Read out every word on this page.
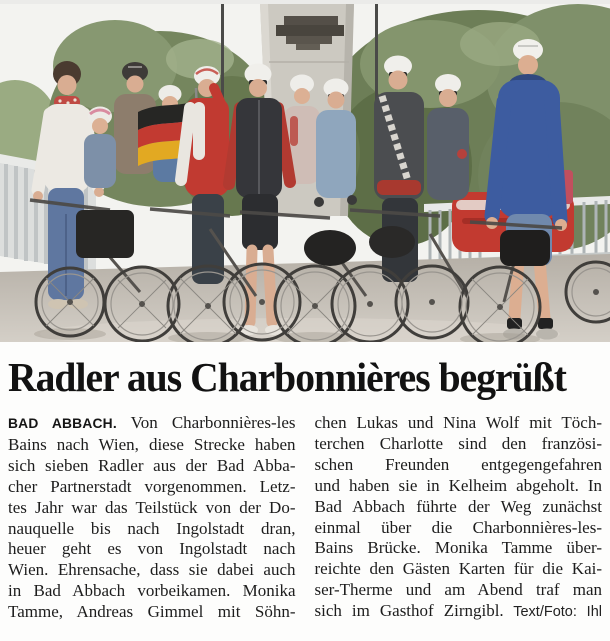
Radler aus Charbonnières begrüßt
BAD ABBACH. Von Charbonnières-les
Bains nach Wien, diese Strecke haben
sich sieben Radler aus der Bad Abba-
cher Partnerstadt vorgenommen. Letz-
tes Jahr war das Teilstück von der Do-
nauquelle bis nach Ingolstadt dran,
heuer geht es von Ingolstadt nach
Wien. Ehrensache, dass sie dabei auch
in Bad Abbach vorbeikamen. Monika
Tamme, Andreas Gimmel mit Söhn-
chen Lukas und Nina Wolf mit Töch-
terchen Charlotte sind den französi-
schen Freunden entgegengefahren
und haben sie in Kelheim abgeholt. In
Bad Abbach führte der Weg zunächst
einmal über die Charbonnières-les-
Bains Brücke. Monika Tamme über-
reichte den Gästen Karten für die Kai-
ser-Therme und am Abend traf man
sich im Gasthof Zirngibl. Text/Foto: Ihl
